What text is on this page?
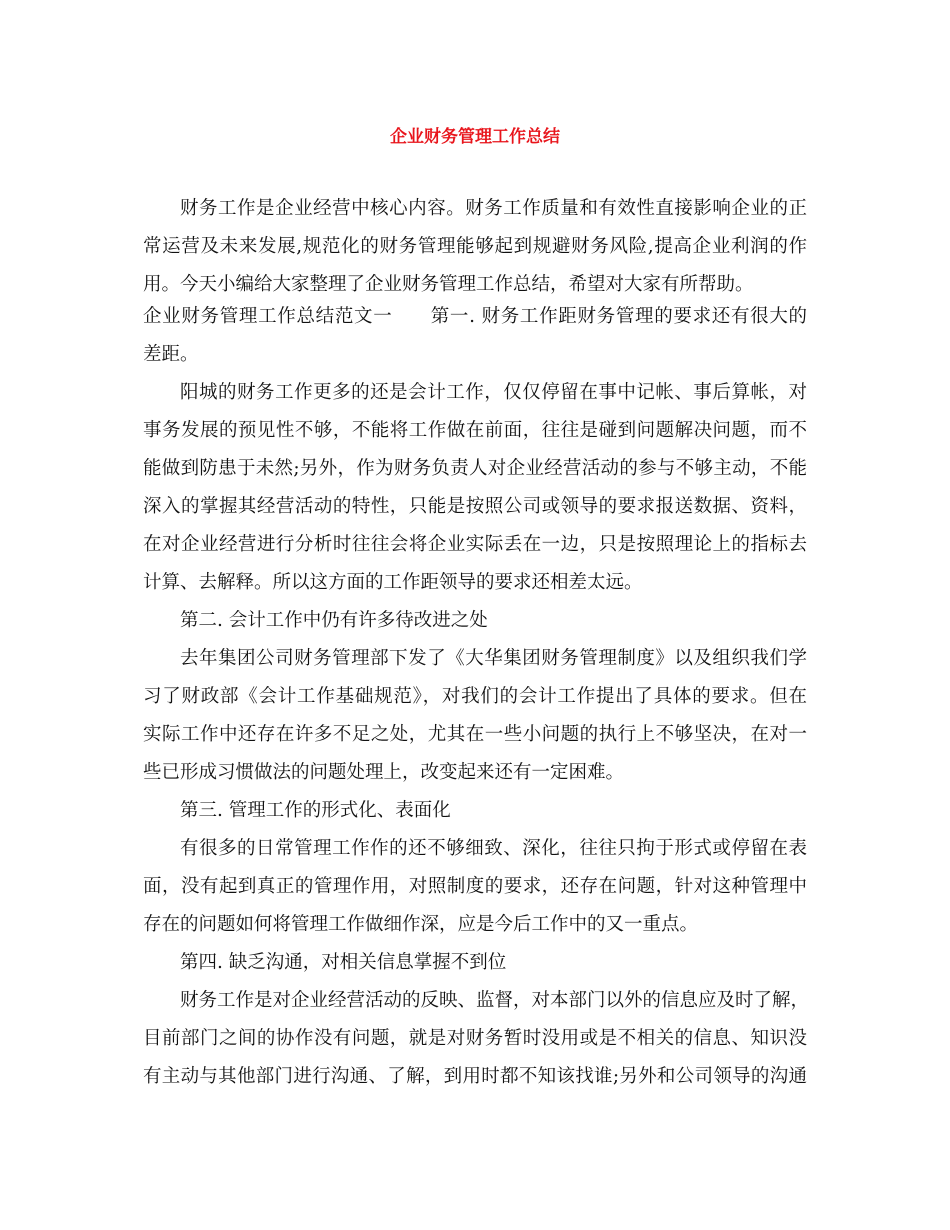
企业财务管理工作总结
财务工作是企业经营中核心内容。财务工作质量和有效性直接影响企业的正
常运营及未来发展,规范化的财务管理能够起到规避财务风险,提高企业利润的作
用。今天小编给大家整理了企业财务管理工作总结，希望对大家有所帮助。
企业财务管理工作总结范文一　　第一. 财务工作距财务管理的要求还有很大的
差距。
阳城的财务工作更多的还是会计工作，仅仅停留在事中记帐、事后算帐，对
事务发展的预见性不够，不能将工作做在前面，往往是碰到问题解决问题，而不
能做到防患于未然;另外，作为财务负责人对企业经营活动的参与不够主动，不能
深入的掌握其经营活动的特性，只能是按照公司或领导的要求报送数据、资料，
在对企业经营进行分析时往往会将企业实际丢在一边，只是按照理论上的指标去
计算、去解释。所以这方面的工作距领导的要求还相差太远。
第二. 会计工作中仍有许多待改进之处
去年集团公司财务管理部下发了《大华集团财务管理制度》以及组织我们学
习了财政部《会计工作基础规范》，对我们的会计工作提出了具体的要求。但在
实际工作中还存在许多不足之处，尤其在一些小问题的执行上不够坚决，在对一
些已形成习惯做法的问题处理上，改变起来还有一定困难。
第三. 管理工作的形式化、表面化
有很多的日常管理工作作的还不够细致、深化，往往只拘于形式或停留在表
面，没有起到真正的管理作用，对照制度的要求，还存在问题，针对这种管理中
存在的问题如何将管理工作做细作深，应是今后工作中的又一重点。
第四. 缺乏沟通，对相关信息掌握不到位
财务工作是对企业经营活动的反映、监督，对本部门以外的信息应及时了解，
目前部门之间的协作没有问题，就是对财务暂时没用或是不相关的信息、知识没
有主动与其他部门进行沟通、了解，到用时都不知该找谁;另外和公司领导的沟通
